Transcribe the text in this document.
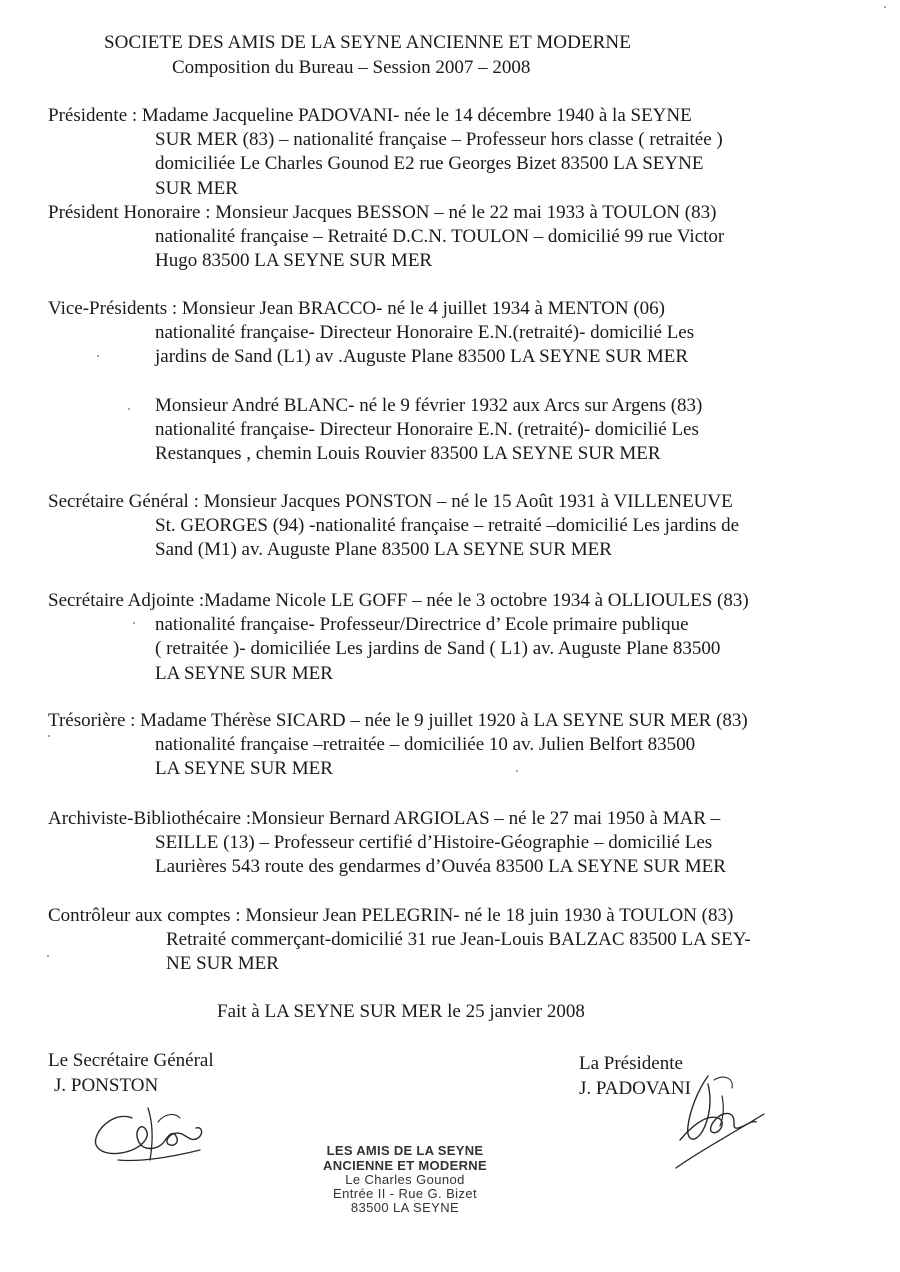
SOCIETE DES AMIS DE LA SEYNE ANCIENNE ET MODERNE
Composition du Bureau – Session 2007 – 2008
Présidente : Madame Jacqueline PADOVANI- née le 14 décembre 1940 à la SEYNE
SUR MER (83) – nationalité française – Professeur hors classe ( retraitée )
domiciliée Le Charles Gounod E2 rue Georges Bizet 83500 LA SEYNE
SUR MER
Président Honoraire : Monsieur Jacques BESSON – né le 22 mai 1933 à TOULON (83)
nationalité française – Retraité D.C.N. TOULON – domicilié 99 rue Victor
Hugo 83500 LA SEYNE SUR MER
Vice-Présidents : Monsieur Jean BRACCO- né le 4 juillet 1934 à MENTON (06)
nationalité française- Directeur Honoraire E.N.(retraité)- domicilié Les
jardins de Sand (L1) av .Auguste Plane 83500 LA SEYNE SUR MER
Monsieur André BLANC- né le 9 février 1932 aux Arcs sur Argens (83)
nationalité française- Directeur Honoraire E.N. (retraité)- domicilié Les
Restanques , chemin Louis Rouvier 83500 LA SEYNE SUR MER
Secrétaire Général : Monsieur Jacques PONSTON – né le 15 Août 1931 à VILLENEUVE
St. GEORGES (94) -nationalité française – retraité –domicilié Les jardins de
Sand (M1) av. Auguste Plane 83500 LA SEYNE SUR MER
Secrétaire Adjointe :Madame Nicole LE GOFF – née le 3 octobre 1934 à OLLIOULES (83)
nationalité française- Professeur/Directrice d’ Ecole primaire publique
( retraitée )- domiciliée Les jardins de Sand ( L1) av. Auguste Plane 83500
LA SEYNE SUR MER
Trésorière : Madame Thérèse SICARD – née le 9 juillet 1920 à LA SEYNE SUR MER (83)
nationalité française –retraitée – domiciliée 10 av. Julien Belfort 83500
LA SEYNE SUR MER
Archiviste-Bibliothécaire :Monsieur Bernard ARGIOLAS – né le 27 mai 1950 à MAR –
SEILLE (13) – Professeur certifié d’Histoire-Géographie – domicilié Les
Laurières 543 route des gendarmes d’Ouvéa 83500 LA SEYNE SUR MER
Contrôleur aux comptes : Monsieur Jean PELEGRIN- né le 18 juin 1930 à TOULON (83)
Retraité commerçant-domicilié 31 rue Jean-Louis BALZAC 83500 LA SEY-
NE SUR MER
Fait à LA SEYNE SUR MER le 25 janvier 2008
Le Secrétaire Général
J. PONSTON
La Présidente
J. PADOVANI
LES AMIS DE LA SEYNE
ANCIENNE ET MODERNE
Le Charles Gounod
Entrée II - Rue G. Bizet
83500 LA SEYNE
